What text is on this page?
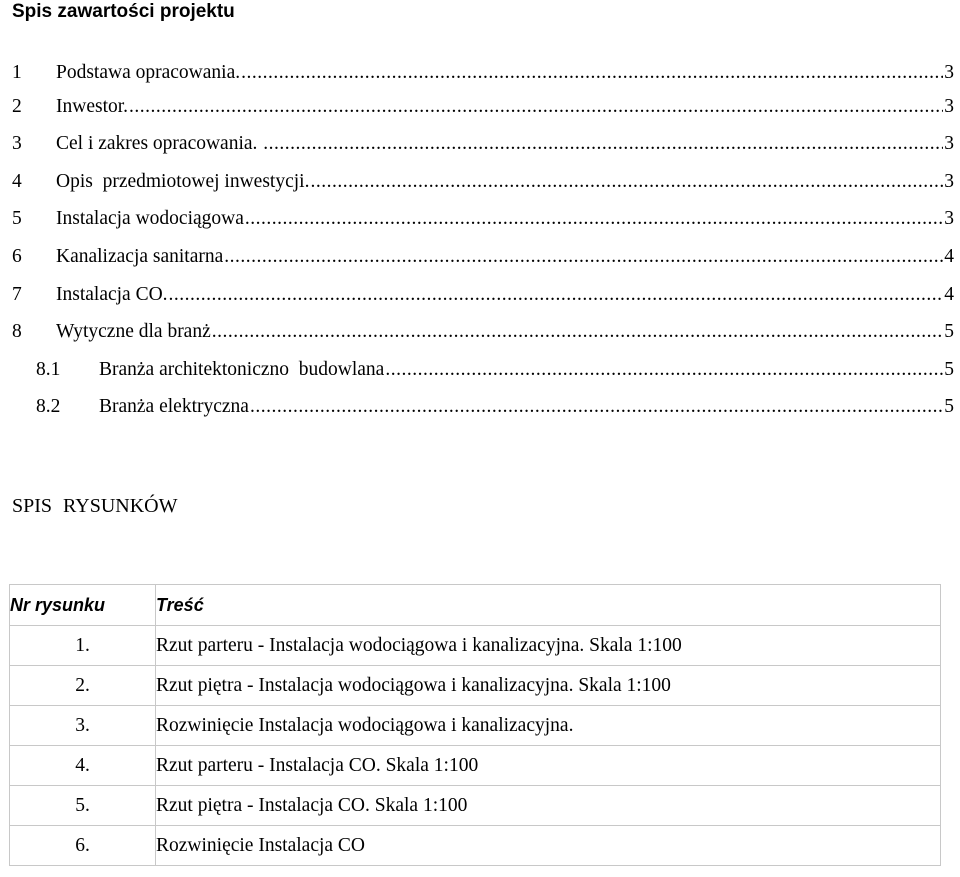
Spis zawartości projektu
1 Podstawa opracowania. .....	3
2 Inwestor. .....	3
3 Cel i zakres opracowania. .....	3
4 Opis  przedmiotowej inwestycji. .....	3
5 Instalacja wodociągowa .....	3
6 Kanalizacja sanitarna .....	4
7 Instalacja CO. .....	4
8 Wytyczne dla branż .....	5
8.1 Branża architektoniczno  budowlana .....	5
8.2 Branża elektryczna .....	5
SPIS RYSUNKÓW
Nr rysunku	Treść
1.	Rzut parteru - Instalacja wodociągowa i kanalizacyjna. Skala 1:100
2.	Rzut piętra - Instalacja wodociągowa i kanalizacyjna. Skala 1:100
3.	Rozwinięcie Instalacja wodociągowa i kanalizacyjna.
4.	Rzut parteru - Instalacja CO. Skala 1:100
5.	Rzut piętra - Instalacja CO. Skala 1:100
6.	Rozwinięcie Instalacja CO
